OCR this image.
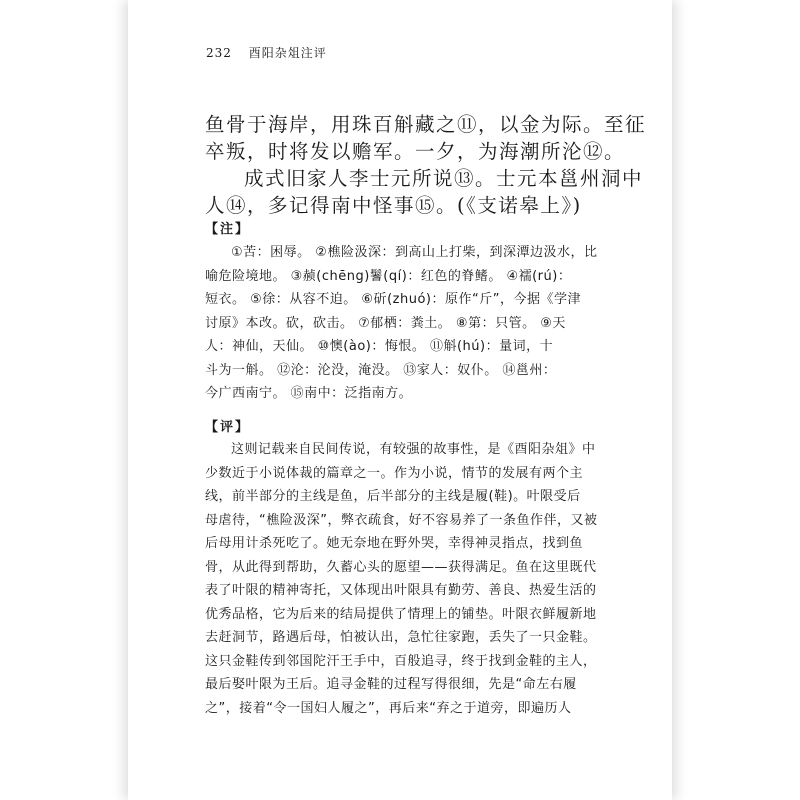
232 酉阳杂俎注评
鱼骨于海岸，用珠百斛藏之⑪，以金为际。至征
卒叛，时将发以赡军。一夕，为海潮所沦⑫。
成式旧家人李士元所说⑬。士元本邕州洞中
人⑭，多记得南中怪事⑮。(《支诺皋上》)
【注】
①苦：困辱。 ②樵险汲深：到高山上打柴，到深潭边汲水，比
喻危险境地。 ③赪(chēng)鬐(qí)：红色的脊鳍。 ④襦(rú)：
短衣。 ⑤徐：从容不迫。 ⑥斫(zhuó)：原作“斤”，今据《学津
讨原》本改。砍，砍击。 ⑦郁栖：粪土。 ⑧第：只管。 ⑨天
人：神仙，天仙。 ⑩懊(ào)：悔恨。 ⑪斛(hú)：量词，十
斗为一斛。 ⑫沦：沦没，淹没。 ⑬家人：奴仆。 ⑭邕州：
今广西南宁。 ⑮南中：泛指南方。
【评】
这则记载来自民间传说，有较强的故事性，是《酉阳杂俎》中
少数近于小说体裁的篇章之一。作为小说，情节的发展有两个主
线，前半部分的主线是鱼，后半部分的主线是履(鞋)。叶限受后
母虐待，“樵险汲深”，弊衣疏食，好不容易养了一条鱼作伴，又被
后母用计杀死吃了。她无奈地在野外哭，幸得神灵指点，找到鱼
骨，从此得到帮助，久蓄心头的愿望——获得满足。鱼在这里既代
表了叶限的精神寄托，又体现出叶限具有勤劳、善良、热爱生活的
优秀品格，它为后来的结局提供了情理上的铺垫。叶限衣鲜履新地
去赶洞节，路遇后母，怕被认出，急忙往家跑，丢失了一只金鞋。
这只金鞋传到邻国陀汗王手中，百般追寻，终于找到金鞋的主人，
最后娶叶限为王后。追寻金鞋的过程写得很细，先是“命左右履
之”，接着“令一国妇人履之”，再后来“弃之于道旁，即遍历人
